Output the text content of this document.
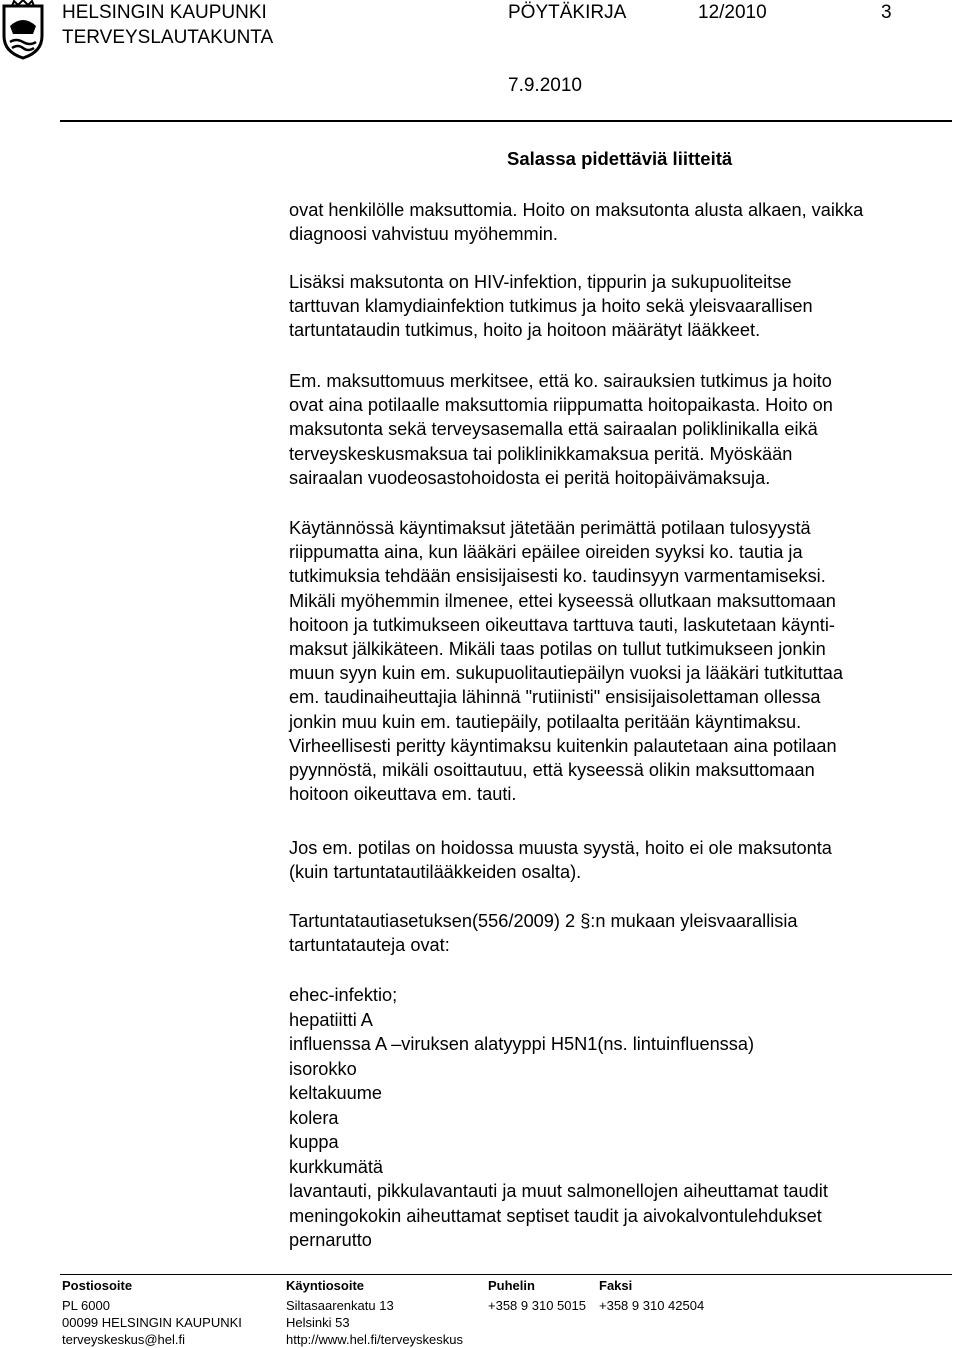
HELSINGIN KAUPUNKI
TERVEYSLAUTAKUNTA
PÖYTÄKIRJA	12/2010	3
7.9.2010
Salassa pidettäviä liitteitä

ovat henkilölle maksuttomia. Hoito on maksutonta alusta alkaen, vaikka

diagnoosi vahvistuu myöhemmin.

Lisäksi maksutonta on HIV-infektion, tippurin ja sukupuoliteitse

tarttuvan klamydiainfektion tutkimus ja hoito sekä yleisvaarallisen

tartuntataudin tutkimus, hoito ja hoitoon määrätyt lääkkeet.

Em. maksuttomuus merkitsee, että ko. sairauksien tutkimus ja hoito

ovat aina potilaalle maksuttomia riippumatta hoitopaikasta. Hoito on

maksutonta sekä terveysasemalla että sairaalan poliklinikalla eikä

terveyskeskusmaksua tai poliklinikkamaksua peritä. Myöskään

sairaalan vuodeosastohoidosta ei peritä hoitopäivämaksuja.

Käytännössä käyntimaksut jätetään perimättä potilaan tulosyystä

riippumatta aina, kun lääkäri epäilee oireiden syyksi ko. tautia ja

tutkimuksia tehdään ensisijaisesti ko. taudinsyyn varmentamiseksi.

Mikäli myöhemmin ilmenee, ettei kyseessä ollutkaan maksuttomaan

hoitoon ja tutkimukseen oikeuttava tarttuva tauti, laskutetaan käynti-

maksut jälkikäteen. Mikäli taas potilas on tullut tutkimukseen jonkin

muun syyn kuin em. sukupuolitautiepäilyn vuoksi ja lääkäri tutkituttaa

em. taudinaiheuttajia lähinnä "rutiinisti" ensisijaisolettaman ollessa

jonkin muu kuin em. tautiepäily, potilaalta peritään käyntimaksu.

Virheellisesti peritty käyntimaksu kuitenkin palautetaan aina potilaan

pyynnöstä, mikäli osoittautuu, että kyseessä olikin maksuttomaan

hoitoon oikeuttava em. tauti.

Jos em. potilas on hoidossa muusta syystä, hoito ei ole maksutonta

(kuin tartuntatautilääkkeiden osalta).

Tartuntatautiasetuksen(556/2009) 2 §:n mukaan yleisvaarallisia

tartuntatauteja ovat:

ehec-infektio;
hepatiitti A
influenssa A –viruksen alatyyppi H5N1(ns. lintuinfluenssa)
isorokko
keltakuume
kolera
kuppa
kurkkumätä
lavantauti, pikkulavantauti ja muut salmonellojen aiheuttamat taudit
meningokokin aiheuttamat septiset taudit ja aivokalvontulehdukset
pernarutto
Postiosoite
PL 6000
00099 HELSINGIN KAUPUNKI
terveyskeskus@hel.fi
Käyntiosoite
Siltasaarenkatu 13
Helsinki 53
http://www.hel.fi/terveyskeskus
Puhelin
+358 9 310 5015
Faksi
+358 9 310 42504
